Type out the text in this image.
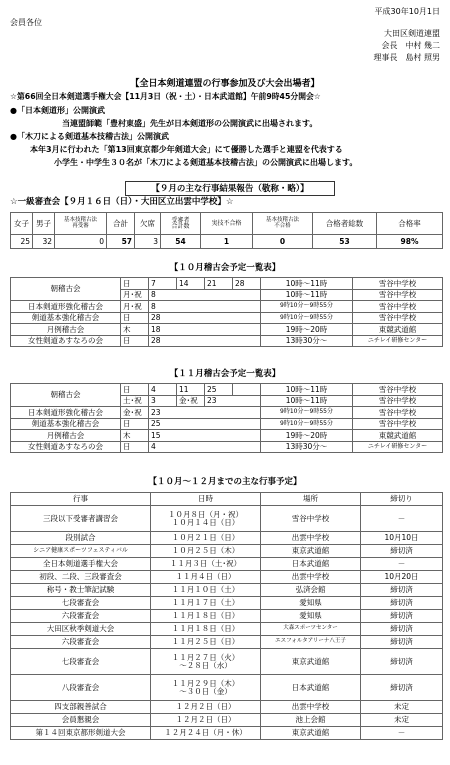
平成30年10月1日
会員各位
大田区剣道連盟
会長　中村 幾二
理事長　島村 照男
【全日本剣道連盟の行事参加及び大会出場者】
☆第66回全日本剣道選手権大会【11月3日（祝・土）・日本武道館】午前9時45分開会☆
●「日本剣道形」公開演武
当連盟師範「豊村東盛」先生が日本剣道形の公開演武に出場されます。
●「木刀による剣道基本技稽古法」公開演武
本年3月に行われた「第13回東京都少年剣道大会」にて優勝した選手と連盟を代表する
小学生・中学生３０名が「木刀による剣道基本技稽古法」の公開演武に出場します。
【９月の主な行事結果報告（敬称・略）】
☆一級審査会【９月１６日（日）・大田区立出雲中学校】☆
女子	男子	基本技稽古法
再受審	合計	欠席	受審者
合計数	実技不合格	基本技稽古法
不合格	合格者総数	合格率
25	32	0	57	3	54	1	0	53	98%
【１０月稽古会予定一覧表】
朝稽古会	日	7	14	21	28	10時～11時	雪谷中学校
	月･祝	8				10時～11時	雪谷中学校
日本剣道形強化稽古会	月･祝	8				9時10分～9時55分	雪谷中学校
剣道基本強化稽古会	日	28				9時10分～9時55分	雪谷中学校
月例稽古会	木	18				19時～20時	東競武道館
女性剣道あすなろの会	日	28				13時30分～	ニチレイ研修センター
【１１月稽古会予定一覧表】
朝稽古会	日	4	11	25		10時～11時	雪谷中学校
	土･祝	3	金･祝	23		10時～11時	雪谷中学校
日本剣道形強化稽古会	金･祝	23				9時10分～9時55分	雪谷中学校
剣道基本強化稽古会	日	25				9時10分～9時55分	雪谷中学校
月例稽古会	木	15				19時～20時	東競武道館
女性剣道あすなろの会	日	4				13時30分～	ニチレイ研修センター
【１０月～１２月までの主な行事予定】
行事	日時	場所	締切り
三段以下受審者講習会	１０月８日（月・祝）
１０月１４日（日）	雪谷中学校	－
段別試合	１０月２１日（日）	出雲中学校	10月10日
シニア健康スポーツフェスティバル	１０月２５日（木）	東京武道館	締切済
全日本剣道選手権大会	１１月３日（土･祝）	日本武道館	－
初段、二段、三段審査会	１１月４日（日）	出雲中学校	10月20日
称号・教士筆記試験	１１月１０日（土）	弘済会館	締切済
七段審査会	１１月１７日（土）	愛知県	締切済
六段審査会	１１月１８日（日）	愛知県	締切済
大田区秋季剣道大会	１１月１８日（日）	大森スポーツセンター	締切済
六段審査会	１１月２５日（日）	エスフォルタアリーナ八王子	締切済
七段審査会	１１月２７日（火）
～２８日（水）	東京武道館	締切済
八段審査会	１１月２９日（木）
～３０日（金）	日本武道館	締切済
四支部親善試合	１２月２日（日）	出雲中学校	未定
会員懇親会	１２月２日（日）	池上会館	未定
第１４回東京都形剣道大会	１２月２４日（月・休）	東京武道館	－
